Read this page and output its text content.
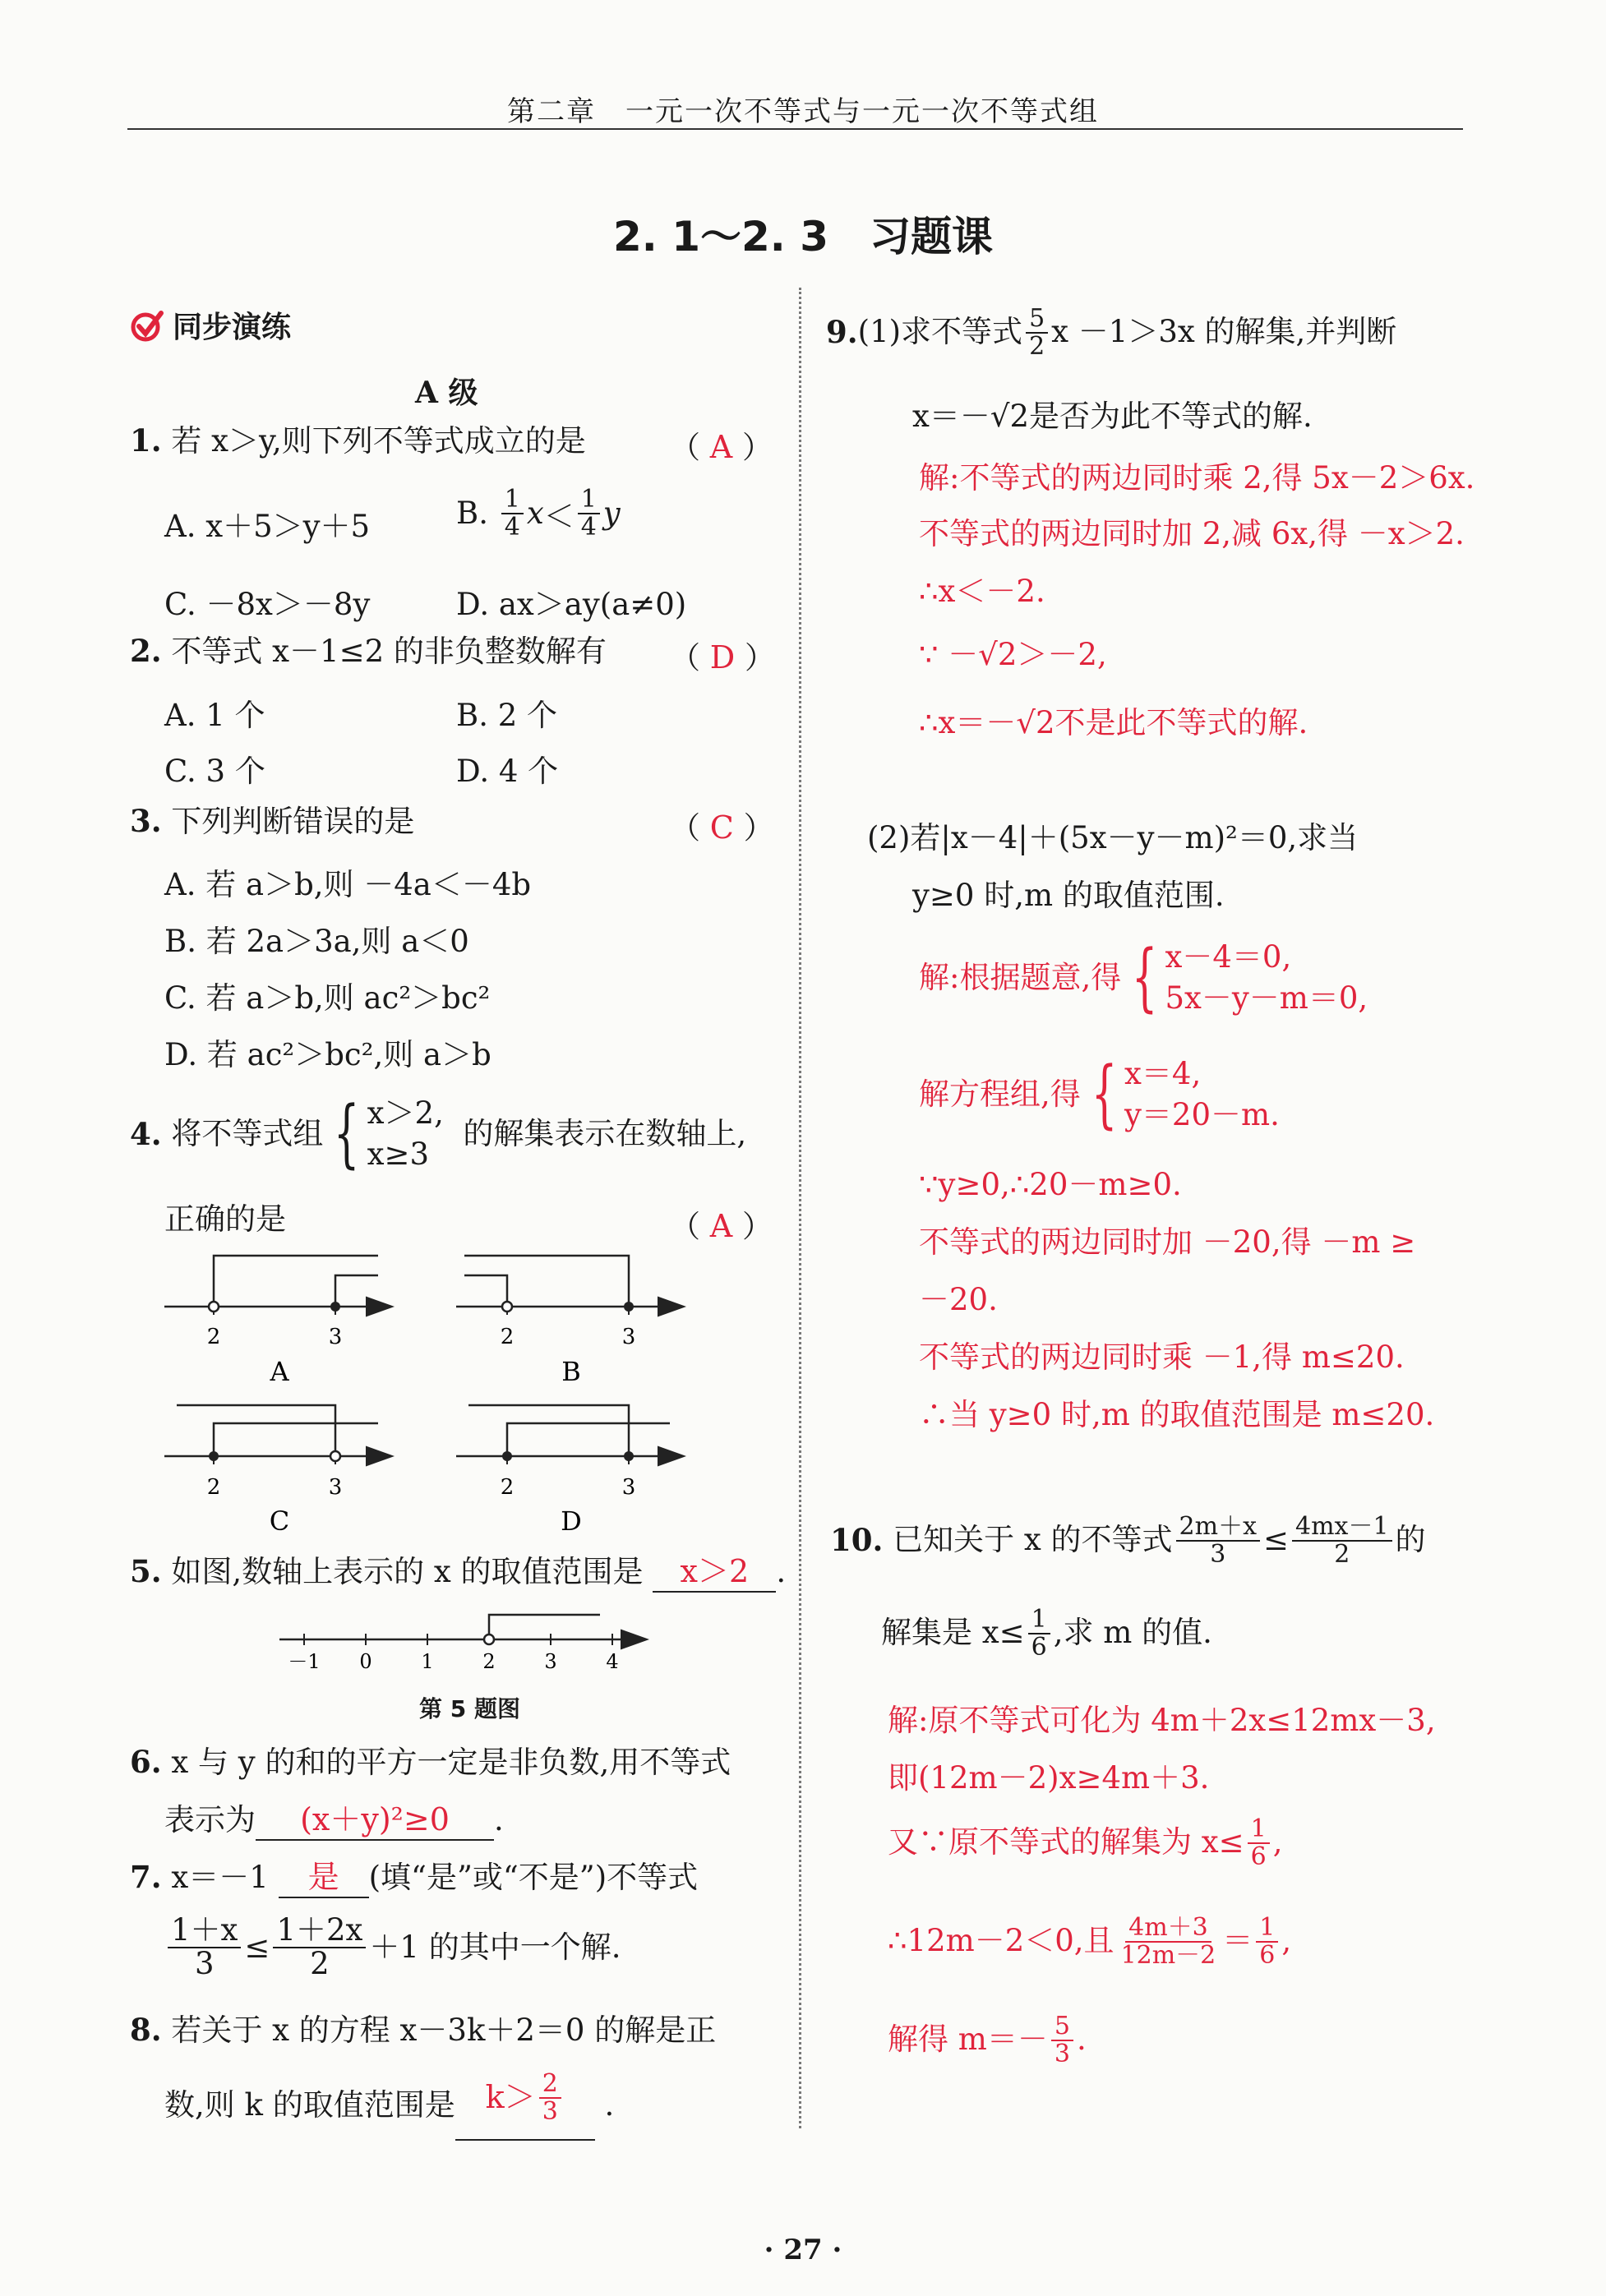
第二章　一元一次不等式与一元一次不等式组
2. 1～2. 3　习题课
同步演练
A 级
1. 若 x＞y,则下列不等式成立的是	（ A ）
A. x＋5＞y＋5	B.
$\frac{1}{4}$ $x < \frac{1}{4}$ y
C. －8x＞－8y	D. ax＞ay(a≠0)
2. 不等式 x－1≤2 的非负整数解有 （ D ）
A. 1 个	B. 2 个
C. 3 个	D. 4 个
3. 下列判断错误的是	（ C ）
A. 若 a＞b,则 －4a＜－4b
B. 若 2a＞3a,则 a＜0
C. 若 a＞b,则 ac²＞bc²
D. 若 ac²＞bc²,则 a＞b
4.
将不等式组 { x＞2,
x≥3

的解集表示在数轴上,
正确的是	（ A ）
2	3
A
2	3
B
2	3
C
2	3
D
5. 如图,数轴上表示的 x 的取值范围是 x＞2 .
－1 0 1 2 3 4
第 5 题图
6. x 与 y 的和的平方一定是非负数,用不等式
表示为 (x＋y)²≥0 .
7. x＝－1 是 (填“是”或“不是”)不等式
$\frac{1+x}{3} \le \frac{1+2x}{2} +1$ 的其中一个解.
8. 若关于 x 的方程 x－3k＋2＝0 的解是正
数,则 k 的取值范围是 $k> \frac{2}{3}$ .
9. (1)求不等式 $\frac{5}{2}$ x －1＞3x 的解集,并判断
x＝－√2是否为此不等式的解.
解:不等式的两边同时乘 2,得 5x－2＞6x.
不等式的两边同时加 2,减 6x,得 －x＞2.
∴x＜－2.
∵ －√2＞－2,
∴x＝－√2不是此不等式的解.
(2)若|x－4|＋(5x－y－m)²＝0,求当
y≥0 时,m 的取值范围.
解:根据题意,得 { x－4＝0,
5x－y－m＝0,
解方程组,得 { x＝4,
y＝20－m.
∵y≥0,∴20－m≥0.
不等式的两边同时加 －20,得 －m ≥
－20.
不等式的两边同时乘 －1,得 m≤20.
∴当 y≥0 时,m 的取值范围是 m≤20.
10.
已知关于 x 的不等式 $\frac{2m+x}{3} \le \frac{4mx-1}{2}$ 的
解集是 $x\le \frac{1}{6}$ ,求 m 的值.
解:原不等式可化为 4m＋2x≤12mx－3,
即(12m－2)x≥4m＋3.
又∵原不等式的解集为 $x\le \frac{1}{6}$ ,
∴12m－2＜0,且 $\frac{4m+3}{12m-2} = \frac{1}{6}$ ,
解得 $m=- \frac{5}{3}$ .
· 27 ·
